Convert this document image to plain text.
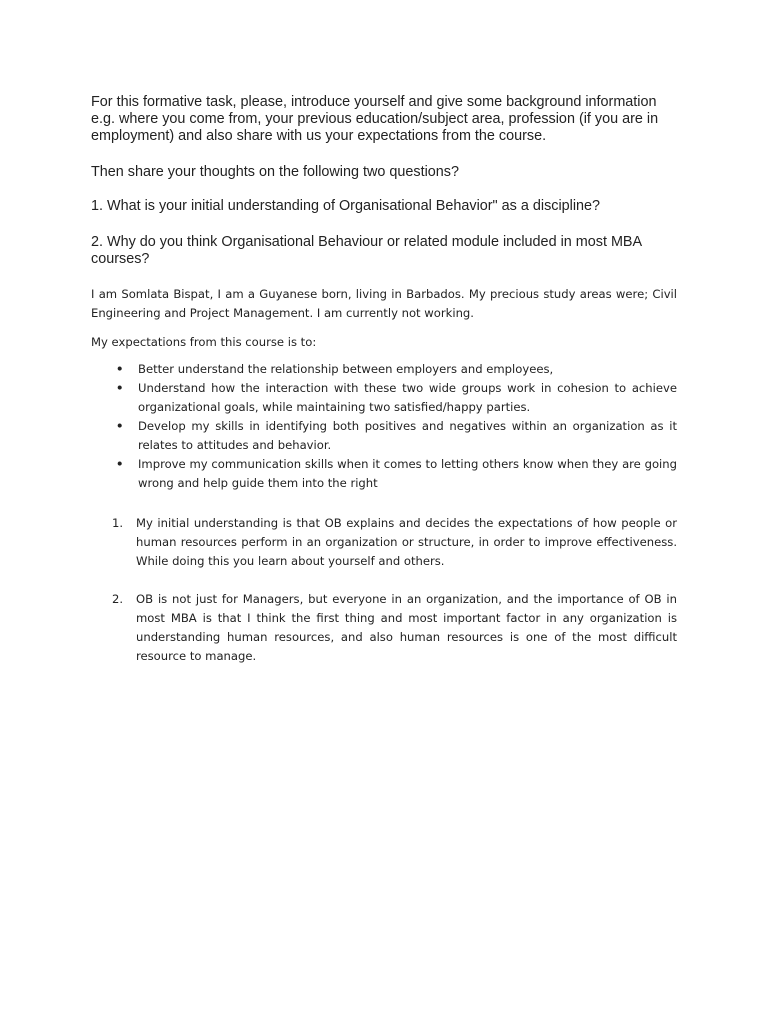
For this formative task, please, introduce yourself and give some background information e.g. where you come from, your previous education/subject area, profession (if you are in employment) and also share with us your expectations from the course.

Then share your thoughts on the following two questions?

1. What is your initial understanding of Organisational Behavior" as a discipline?

2. Why do you think Organisational Behaviour or related module included in most MBA courses?

I am Somlata Bispat, I am a Guyanese born, living in Barbados. My precious study areas were; Civil Engineering and Project Management. I am currently not working.

My expectations from this course is to:

• Better understand the relationship between employers and employees,
• Understand how the interaction with these two wide groups work in cohesion to achieve organizational goals, while maintaining two satisfied/happy parties.
• Develop my skills in identifying both positives and negatives within an organization as it relates to attitudes and behavior.
• Improve my communication skills when it comes to letting others know when they are going wrong and help guide them into the right
1. My initial understanding is that OB explains and decides the expectations of how people or human resources perform in an organization or structure, in order to improve effectiveness. While doing this you learn about yourself and others.
2. OB is not just for Managers, but everyone in an organization, and the importance of OB in most MBA is that I think the first thing and most important factor in any organization is understanding human resources, and also human resources is one of the most difficult resource to manage.
